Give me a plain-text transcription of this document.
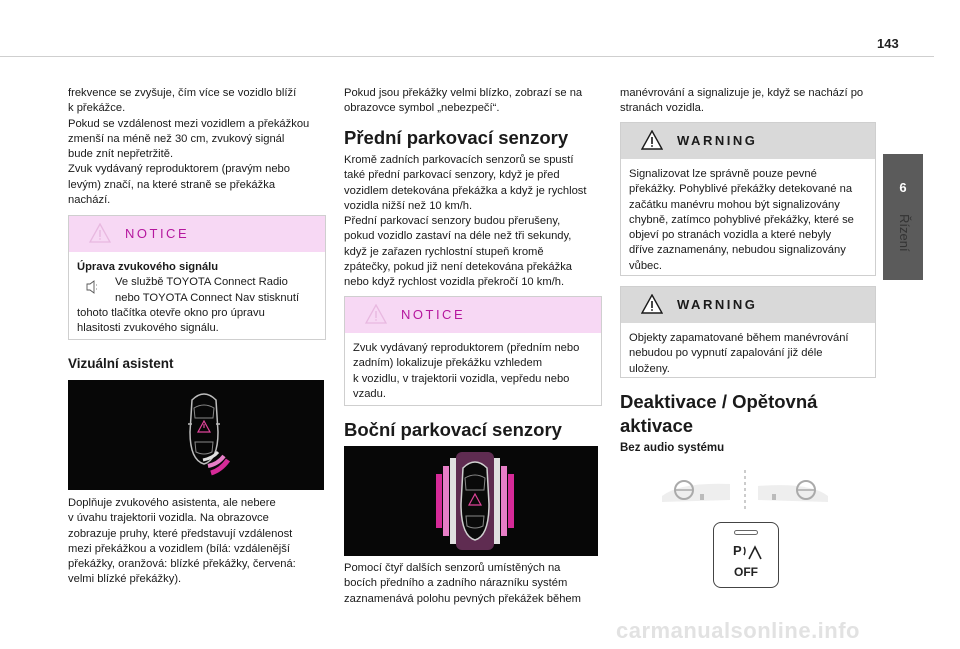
143
6
Řízení

frekvence se zvyšuje, čím více se vozidlo blíží

k překážce.

Pokud se vzdálenost mezi vozidlem a překážkou

zmenší na méně než 30 cm, zvukový signál

bude znít nepřetržitě.

Zvuk vydávaný reproduktorem (pravým nebo

levým) značí, na které straně se překážka

nachází.

NOTICE

Úprava zvukového signálu

Ve službě TOYOTA Connect Radio

nebo TOYOTA Connect Nav stisknutí

tohoto tlačítka otevře okno pro úpravu

hlasitosti zvukového signálu.

Vizuální asistent

Doplňuje zvukového asistenta, ale nebere

v úvahu trajektorii vozidla. Na obrazovce

zobrazuje pruhy, které představují vzdálenost

mezi překážkou a vozidlem (bílá: vzdálenější

překážky, oranžová: blízké překážky, červená:

velmi blízké překážky).

Pokud jsou překážky velmi blízko, zobrazí se na

obrazovce symbol „nebezpečí“.

Přední parkovací senzory

Kromě zadních parkovacích senzorů se spustí

také přední parkovací senzory, když je před

vozidlem detekována překážka a když je rychlost

vozidla nižší než 10 km/h.

Přední parkovací senzory budou přerušeny,

pokud vozidlo zastaví na déle než tři sekundy,

když je zařazen rychlostní stupeň kromě

zpátečky, pokud již není detekována překážka

nebo když rychlost vozidla překročí 10 km/h.

NOTICE

Zvuk vydávaný reproduktorem (předním nebo

zadním) lokalizuje překážku vzhledem

k vozidlu, v trajektorii vozidla, vepředu nebo

vzadu.

Boční parkovací senzory

Pomocí čtyř dalších senzorů umístěných na

bocích předního a zadního nárazníku systém

zaznamenává polohu pevných překážek během

manévrování a signalizuje je, když se nachází po

stranách vozidla.

WARNING

Signalizovat lze správně pouze pevné

překážky. Pohyblivé překážky detekované na

začátku manévru mohou být signalizovány

chybně, zatímco pohyblivé překážky, které se

objeví po stranách vozidla a které nebyly

dříve zaznamenány, nebudou signalizovány

vůbec.

WARNING

Objekty zapamatované během manévrování

nebudou po vypnutí zapalování již déle

uloženy.

Deaktivace / Opětovná
aktivace
Bez audio systému
P
OFF
carmanualsonline.info
